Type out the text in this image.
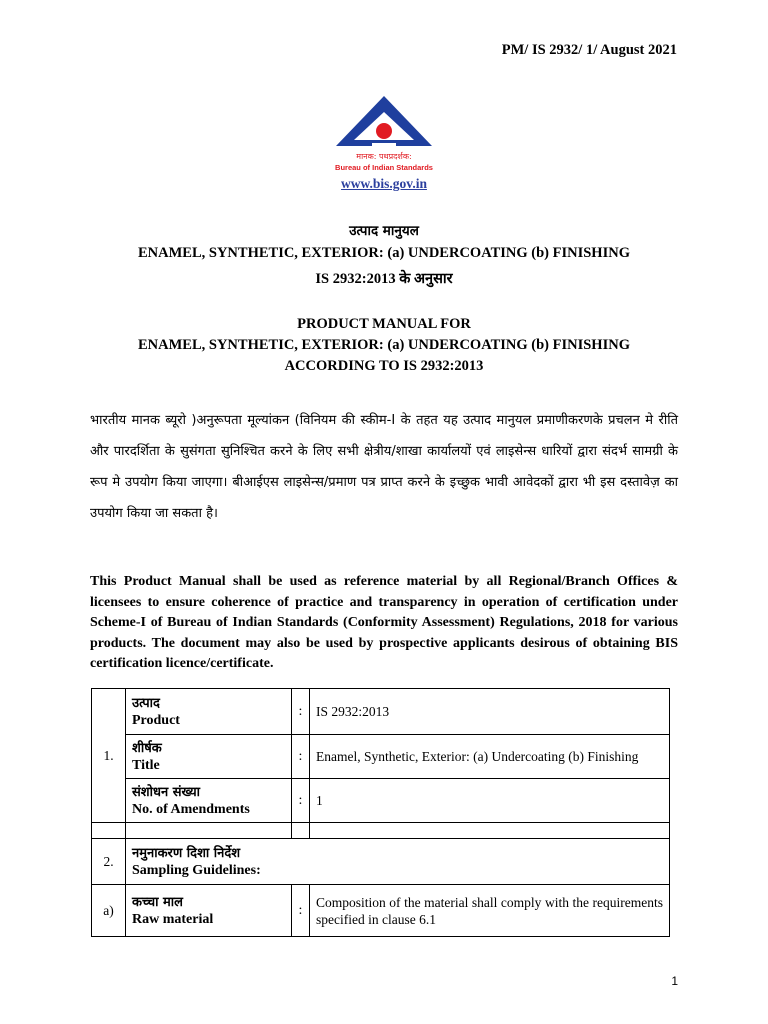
PM/ IS 2932/ 1/ August 2021
मानक: पथप्रदर्शक:
Bureau of Indian Standards
www.bis.gov.in
उत्पाद मानुयल
ENAMEL, SYNTHETIC, EXTERIOR: (a) UNDERCOATING (b) FINISHING
IS 2932:2013 के अनुसार
PRODUCT MANUAL FOR
ENAMEL, SYNTHETIC, EXTERIOR: (a) UNDERCOATING (b) FINISHING
ACCORDING TO IS 2932:2013
भारतीय मानक ब्यूरो )अनुरूपता मूल्यांकन (विनियम की स्कीम-I के तहत यह उत्पाद मानुयल प्रमाणीकरणके प्रचलन मे रीति और पारदर्शिता के सुसंगता सुनिश्चित करने के लिए सभी क्षेत्रीय/शाखा कार्यालयों एवं लाइसेन्स धारियों द्वारा संदर्भ सामग्री के रूप मे उपयोग किया जाएगा। बीआईएस लाइसेन्स/प्रमाण पत्र प्राप्त करने के इच्छुक भावी आवेदकों द्वारा भी इस दस्तावेज़ का उपयोग किया जा सकता है।
This Product Manual shall be used as reference material by all Regional/Branch Offices & licensees to ensure coherence of practice and transparency in operation of certification under Scheme-I of Bureau of Indian Standards (Conformity Assessment) Regulations, 2018 for various products. The document may also be used by prospective applicants desirous of obtaining BIS certification licence/certificate.
1.	उत्पाद
Product	:	IS 2932:2013

	शीर्षक
Title	:	Enamel, Synthetic, Exterior: (a) Undercoating (b) Finishing

	संशोधन संख्या
No. of Amendments	:	1

2.	नमुनाकरण दिशा निर्देश
Sampling Guidelines:		

a)	कच्चा माल
Raw material	:	Composition of the material shall comply with the requirements specified in clause 6.1
1
